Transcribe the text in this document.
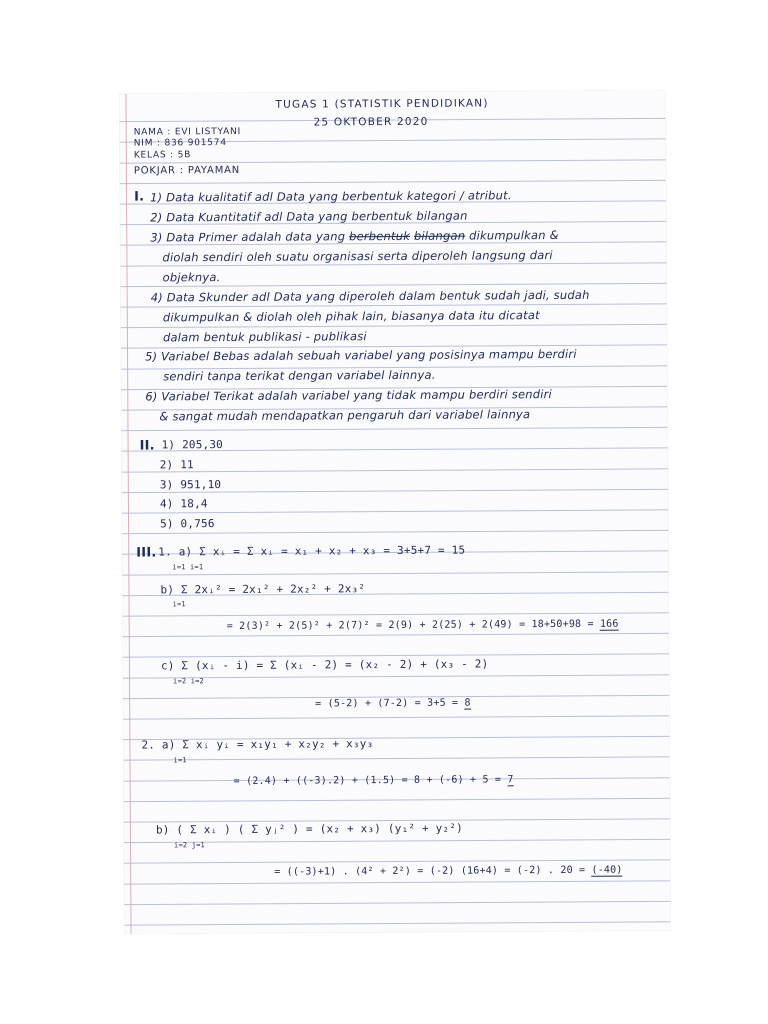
TUGAS 1 (STATISTIK PENDIDIKAN)
25 OKTOBER 2020
NAMA : EVI LISTYANI
NIM : 836 901574
KELAS : 5B
POKJAR : PAYAMAN
I. 1) Data kualitatif adl Data yang berbentuk kategori / atribut.
2) Data Kuantitatif adl Data yang berbentuk bilangan
3) Data Primer adalah data yang berbentuk bilangan dikumpulkan &
diolah sendiri oleh suatu organisasi serta diperoleh langsung dari
objeknya.
4) Data Skunder adl Data yang diperoleh dalam bentuk sudah jadi, sudah
dikumpulkan & diolah oleh pihak lain, biasanya data itu dicatat
dalam bentuk publikasi - publikasi
5) Variabel Bebas adalah sebuah variabel yang posisinya mampu berdiri
sendiri tanpa terikat dengan variabel lainnya.
6) Variabel Terikat adalah variabel yang tidak mampu berdiri sendiri
& sangat mudah mendapatkan pengaruh dari variabel lainnya
II. 1) 205,30
2) 11
3) 951,10
4) 18,4
5) 0,756
III. 1. a) Σ xᵢ = Σ xᵢ = x₁ + x₂ + x₃ = 3+5+7 = 15
i=1 i=1
b) Σ 2xᵢ² = 2x₁² + 2x₂² + 2x₃²
i=1
= 2(3)² + 2(5)² + 2(7)² = 2(9) + 2(25) + 2(49) = 18+50+98 = 166
c) Σ (xᵢ - i) = Σ (xᵢ - 2) = (x₂ - 2) + (x₃ - 2)
i=2 i=2
= (5-2) + (7-2) = 3+5 = 8
2. a) Σ xᵢ yᵢ = x₁y₁ + x₂y₂ + x₃y₃
i=1
= (2.4) + ((-3).2) + (1.5) = 8 + (-6) + 5 = 7
b) ( Σ xᵢ ) ( Σ yⱼ² ) = (x₂ + x₃) (y₁² + y₂²)
i=2 j=1
= ((-3)+1) . (4² + 2²) = (-2) (16+4) = (-2) . 20 = (-40)
